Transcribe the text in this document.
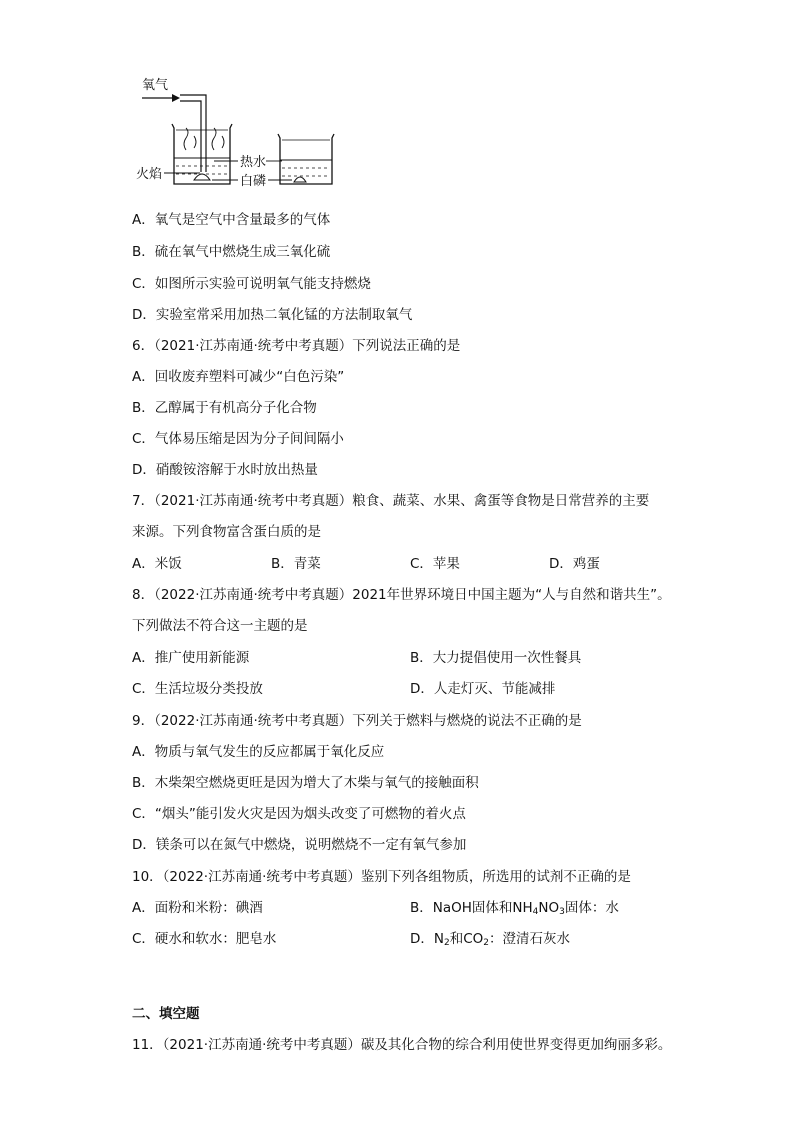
氧气
火焰
热水
白磷
A．氧气是空气中含量最多的气体
B．硫在氧气中燃烧生成三氧化硫
C．如图所示实验可说明氧气能支持燃烧
D．实验室常采用加热二氧化锰的方法制取氧气
6．（2021·江苏南通·统考中考真题）下列说法正确的是
A．回收废弃塑料可减少“白色污染”
B．乙醇属于有机高分子化合物
C．气体易压缩是因为分子间间隔小
D．硝酸铵溶解于水时放出热量
7．（2021·江苏南通·统考中考真题）粮食、蔬菜、水果、禽蛋等食物是日常营养的主要
来源。下列食物富含蛋白质的是
A．米饭	B．青菜	C．苹果	D．鸡蛋
8．（2022·江苏南通·统考中考真题）2021年世界环境日中国主题为“人与自然和谐共生”。
下列做法不符合这一主题的是
A．推广使用新能源	B．大力提倡使用一次性餐具
C．生活垃圾分类投放	D．人走灯灭、节能减排
9．（2022·江苏南通·统考中考真题）下列关于燃料与燃烧的说法不正确的是
A．物质与氧气发生的反应都属于氧化反应
B．木柴架空燃烧更旺是因为增大了木柴与氧气的接触面积
C．“烟头”能引发火灾是因为烟头改变了可燃物的着火点
D．镁条可以在氮气中燃烧，说明燃烧不一定有氧气参加
10．（2022·江苏南通·统考中考真题）鉴别下列各组物质，所选用的试剂不正确的是
A．面粉和米粉：碘酒	B．NaOH固体和$NH_4NO_3$固体：水
C．硬水和软水：肥皂水	D．$N_2$和$CO_2$：澄清石灰水
二、填空题
11．（2021·江苏南通·统考中考真题）碳及其化合物的综合利用使世界变得更加绚丽多彩。
